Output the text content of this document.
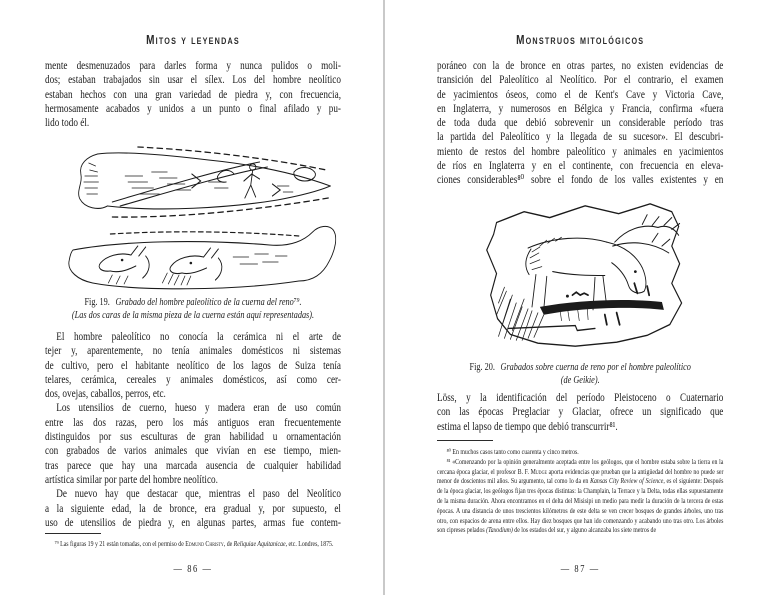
Mitos y leyendas
mente desmenuzados para darles forma y nunca pulidos o moli-
dos; estaban trabajados sin usar el sílex. Los del hombre neolítico
estaban hechos con una gran variedad de piedra y, con frecuencia,
hermosamente acabados y unidos a un punto o final afilado y pu-
lido todo él.
Fig. 19. Grabado del hombre paleolítico de la cuerna del reno⁷⁹.
(Las dos caras de la misma pieza de la cuerna están aquí representadas).
El hombre paleolítico no conocía la cerámica ni el arte de
tejer y, aparentemente, no tenía animales domésticos ni sistemas
de cultivo, pero el habitante neolítico de los lagos de Suiza tenía
telares, cerámica, cereales y animales domésticos, así como cer-
dos, ovejas, caballos, perros, etc.
Los utensilios de cuerno, hueso y madera eran de uso común
entre las dos razas, pero los más antiguos eran frecuentemente
distinguidos por sus esculturas de gran habilidad u ornamentación
con grabados de varios animales que vivían en ese tiempo, mien-
tras parece que hay una marcada ausencia de cualquier habilidad
artística similar por parte del hombre neolítico.
De nuevo hay que destacar que, mientras el paso del Neolítico
a la siguiente edad, la de bronce, era gradual y, por supuesto, el
uso de utensilios de piedra y, en algunas partes, armas fue contem-
⁷⁹ Las figuras 19 y 21 están tomadas, con el permiso de Edmund Christy, de Reliquiae Aquitanicae, etc. Londres, 1875.
— 86 —
Monstruos mitológicos
poráneo con la de bronce en otras partes, no existen evidencias de
transición del Paleolítico al Neolítico. Por el contrario, el examen
de yacimientos óseos, como el de Kent's Cave y Victoria Cave,
en Inglaterra, y numerosos en Bélgica y Francia, confirma «fuera
de toda duda que debió sobrevenir un considerable período tras
la partida del Paleolítico y la llegada de su sucesor». El descubri-
miento de restos del hombre paleolítico y animales en yacimientos
de ríos en Inglaterra y en el continente, con frecuencia en eleva-
ciones considerables⁸⁰ sobre el fondo de los valles existentes y en
Fig. 20. Grabados sobre cuerna de reno por el hombre paleolítico
(de Geikie).
Löss, y la identificación del período Pleistoceno o Cuaternario
con las épocas Preglaciar y Glaciar, ofrece un significado que
estima el lapso de tiempo que debió transcurrir⁸¹.
⁸⁰ En muchos casos tanto como cuarenta y cinco metros.
⁸¹ «Comenzando por la opinión generalmente aceptada entre los geólogos, que el hombre estaba sobre la tierra en la cercana época glaciar, el profesor B. F. Mudge aporta evidencias que prueban que la antigüedad del hombre no puede ser menor de doscientos mil años. Su argumento, tal como lo da en Kansas City Review of Science, es el siguiente: Después de la época glaciar, los geólogos fijan tres épocas distintas: la Champlain, la Terrace y la Delta, todas ellas supuestamente de la misma duración. Ahora encontramos en el delta del Misisipi un medio para medir la duración de la tercera de estas épocas. A una distancia de unos trescientos kilómetros de este delta se ven crecer bosques de grandes árboles, uno tras otro, con espacios de arena entre ellos. Hay diez bosques que han ido comenzando y acabando uno tras otro. Los árboles son cipreses pelados (Taxodium) de los estados del sur, y alguno alcanzaba los siete metros de
— 87 —
